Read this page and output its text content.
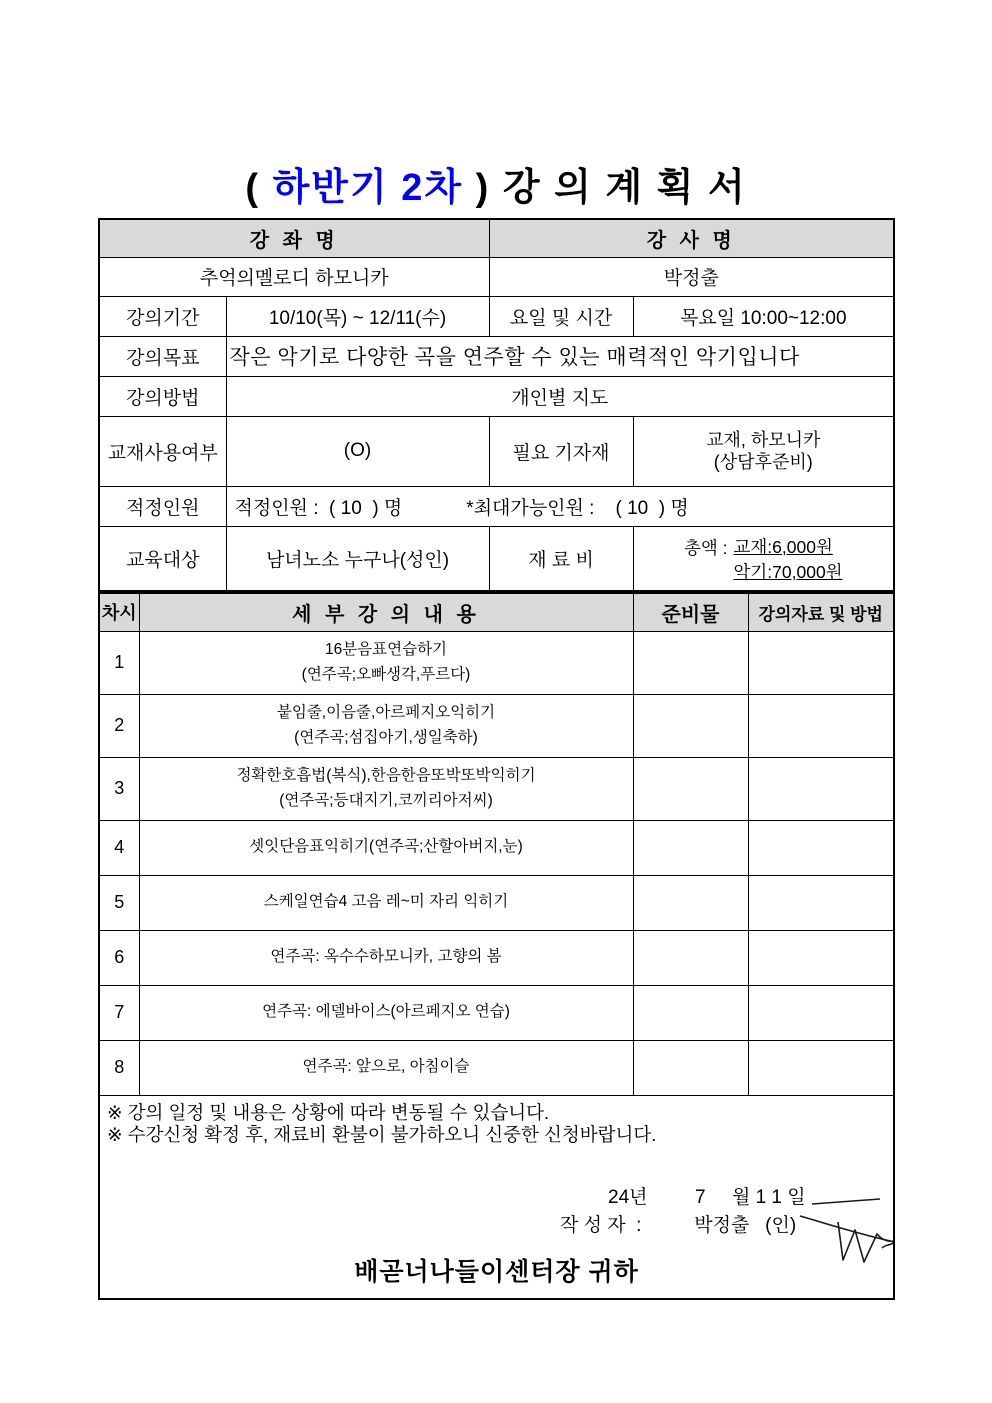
( 하반기 2차 ) 강 의 계 획 서
강 좌 명		강 사 명	
추억의멜로디 하모니카		박정출	
강의기간	10/10(목) ~ 12/11(수)	요일 및 시간	목요일 10:00~12:00
강의목표	작은 악기로 다양한 곡을 연주할 수 있는 매력적인 악기입니다		
강의방법	개인별 지도		
교재사용여부	(O)	필요 기자재	교재, 하모니카
(상담후준비)

적정인원	적정인원 :  ( 10  ) 명 *최대가능인원 :    ( 10  ) 명		
교육대상	남녀노소 누구나(성인)	재 료 비	총액 : 교재:6,000원
악기:70,000원
차시	세 부 강 의 내 용	준비물	강의자료 및 방법
1	16분음표연습하기
(연주곡;오빠생각,푸르다)		

2	붙임줄,이음줄,아르페지오익히기
(연주곡;섬집아기,생일축하)		

3	정확한호흡법(복식),한음한음또박또박익히기
(연주곡;등대지기,코끼리아저씨)		

4	셋잇단음표익히기(연주곡;산할아버지,눈)		

5	스케일연습4 고음 레~미 자리 익히기		

6	연주곡: 옥수수하모니카, 고향의 봄		

7	연주곡: 에델바이스(아르페지오 연습)		

8	연주곡: 앞으로, 아침이슬		

※ 강의 일정 및 내용은 상황에 따라 변동될 수 있습니다.
※ 수강신청 확정 후, 재료비 환불이 불가하오니 신중한 신청바랍니다.
24년         7     월 1 1 일
작 성 자  :          박정출   (인)
배곧너나들이센터장 귀하			
